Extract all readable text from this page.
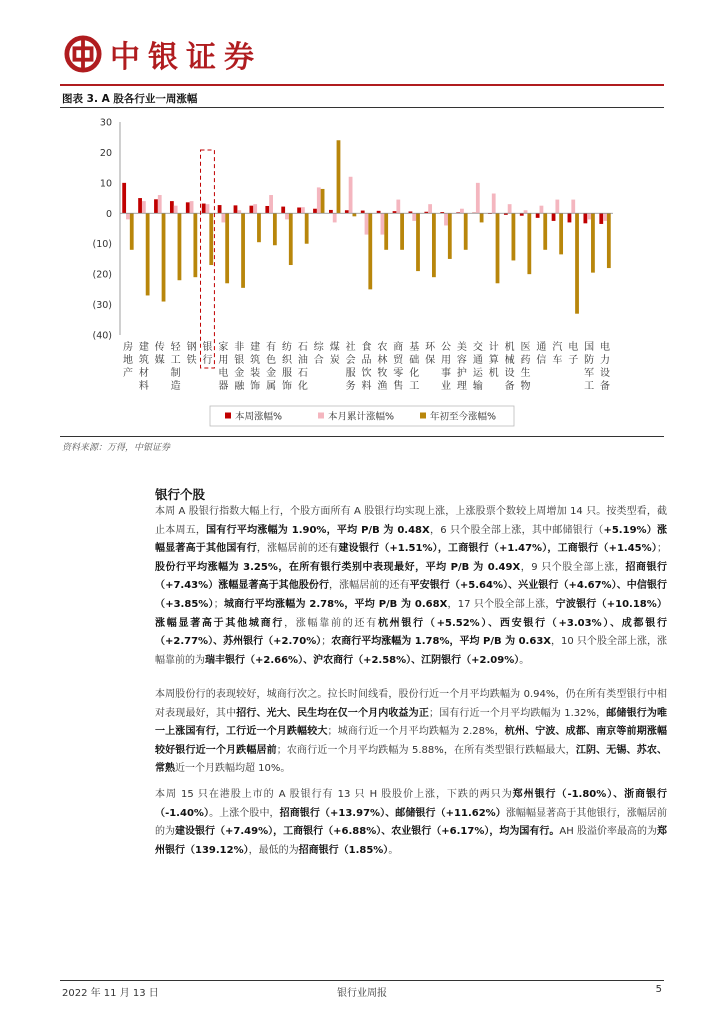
中银证券
图表 3. A 股各行业一周涨幅
30
20
10
0
(10)
(20)
(30)
(40)
房
地
产
建
筑
材
料
传
媒
轻
工
制
造
钢
铁
银
行
家
用
电
器
非
银
金
融
建
筑
装
饰
有
色
金
属
纺
织
服
饰
石
油
石
化
综
合
煤
炭
社
会
服
务
食
品
饮
料
农
林
牧
渔
商
贸
零
售
基
础
化
工
环
保
公
用
事
业
美
容
护
理
交
通
运
输
计
算
机
机
械
设
备
医
药
生
物
通
信
汽
车
电
子
国
防
军
工
电
力
设
备
本周涨幅%	本月累计涨幅%	年初至今涨幅%
资料来源：万得，中银证券
银行个股
本周 A 股银行指数大幅上行，个股方面所有 A 股银行均实现上涨，上涨股票个数较上周增加 14 只。按类型看，截止本周五，国有行平均涨幅为 1.90%，平均 P/B 为 0.48X，6 只个股全部上涨，其中邮储银行（+5.19%）涨幅显著高于其他国有行，涨幅居前的还有建设银行（+1.51%），工商银行（+1.47%），工商银行（+1.45%）；股份行平均涨幅为 3.25%，在所有银行类别中表现最好，平均 P/B 为 0.49X，9 只个股全部上涨，招商银行（+7.43%）涨幅显著高于其他股份行，涨幅居前的还有平安银行（+5.64%）、兴业银行（+4.67%）、中信银行（+3.85%）；城商行平均涨幅为 2.78%，平均 P/B 为 0.68X，17 只个股全部上涨，宁波银行（+10.18%）涨幅显著高于其他城商行，涨幅靠前的还有杭州银行（+5.52%）、西安银行（+3.03%）、成都银行（+2.77%）、苏州银行（+2.70%）；农商行平均涨幅为 1.78%，平均 P/B 为 0.63X，10 只个股全部上涨，涨幅靠前的为瑞丰银行（+2.66%）、沪农商行（+2.58%）、江阴银行（+2.09%）。
本周股份行的表现较好，城商行次之。拉长时间线看，股份行近一个月平均跌幅为 0.94%，仍在所有类型银行中相对表现最好，其中招行、光大、民生均在仅一个月内收益为正；国有行近一个月平均跌幅为 1.32%，邮储银行为唯一上涨国有行，工行近一个月跌幅较大；城商行近一个月平均跌幅为 2.28%，杭州、宁波、成都、南京等前期涨幅较好银行近一个月跌幅居前；农商行近一个月平均跌幅为 5.88%，在所有类型银行跌幅最大，江阴、无锡、苏农、常熟近一个月跌幅均超 10%。
本周 15 只在港股上市的 A 股银行有 13 只 H 股股价上涨，下跌的两只为郑州银行（-1.80%）、浙商银行（-1.40%）。上涨个股中，招商银行（+13.97%）、邮储银行（+11.62%）涨幅幅显著高于其他银行，涨幅居前的为建设银行（+7.49%），工商银行（+6.88%）、农业银行（+6.17%），均为国有行。AH 股溢价率最高的为郑州银行（139.12%），最低的为招商银行（1.85%）。
2022 年 11 月 13 日	银行业周报	5
